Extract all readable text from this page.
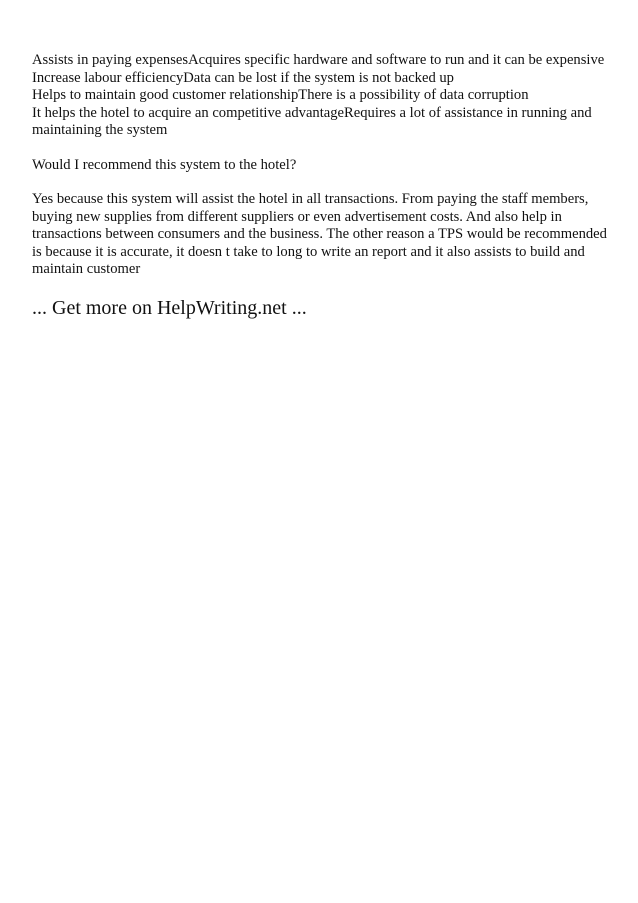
Assists in paying expensesAcquires specific hardware and software to run and it can be expensive

Increase labour efficiencyData can be lost if the system is not backed up

Helps to maintain good customer relationshipThere is a possibility of data corruption

It helps the hotel to acquire an competitive advantageRequires a lot of assistance in running and maintaining the system

Would I recommend this system to the hotel?

Yes because this system will assist the hotel in all transactions. From paying the staff members, buying new supplies from different suppliers or even advertisement costs. And also help in transactions between consumers and the business. The other reason a TPS would be recommended is because it is accurate, it doesn t take to long to write an report and it also assists to build and maintain customer

... Get more on HelpWriting.net ...
